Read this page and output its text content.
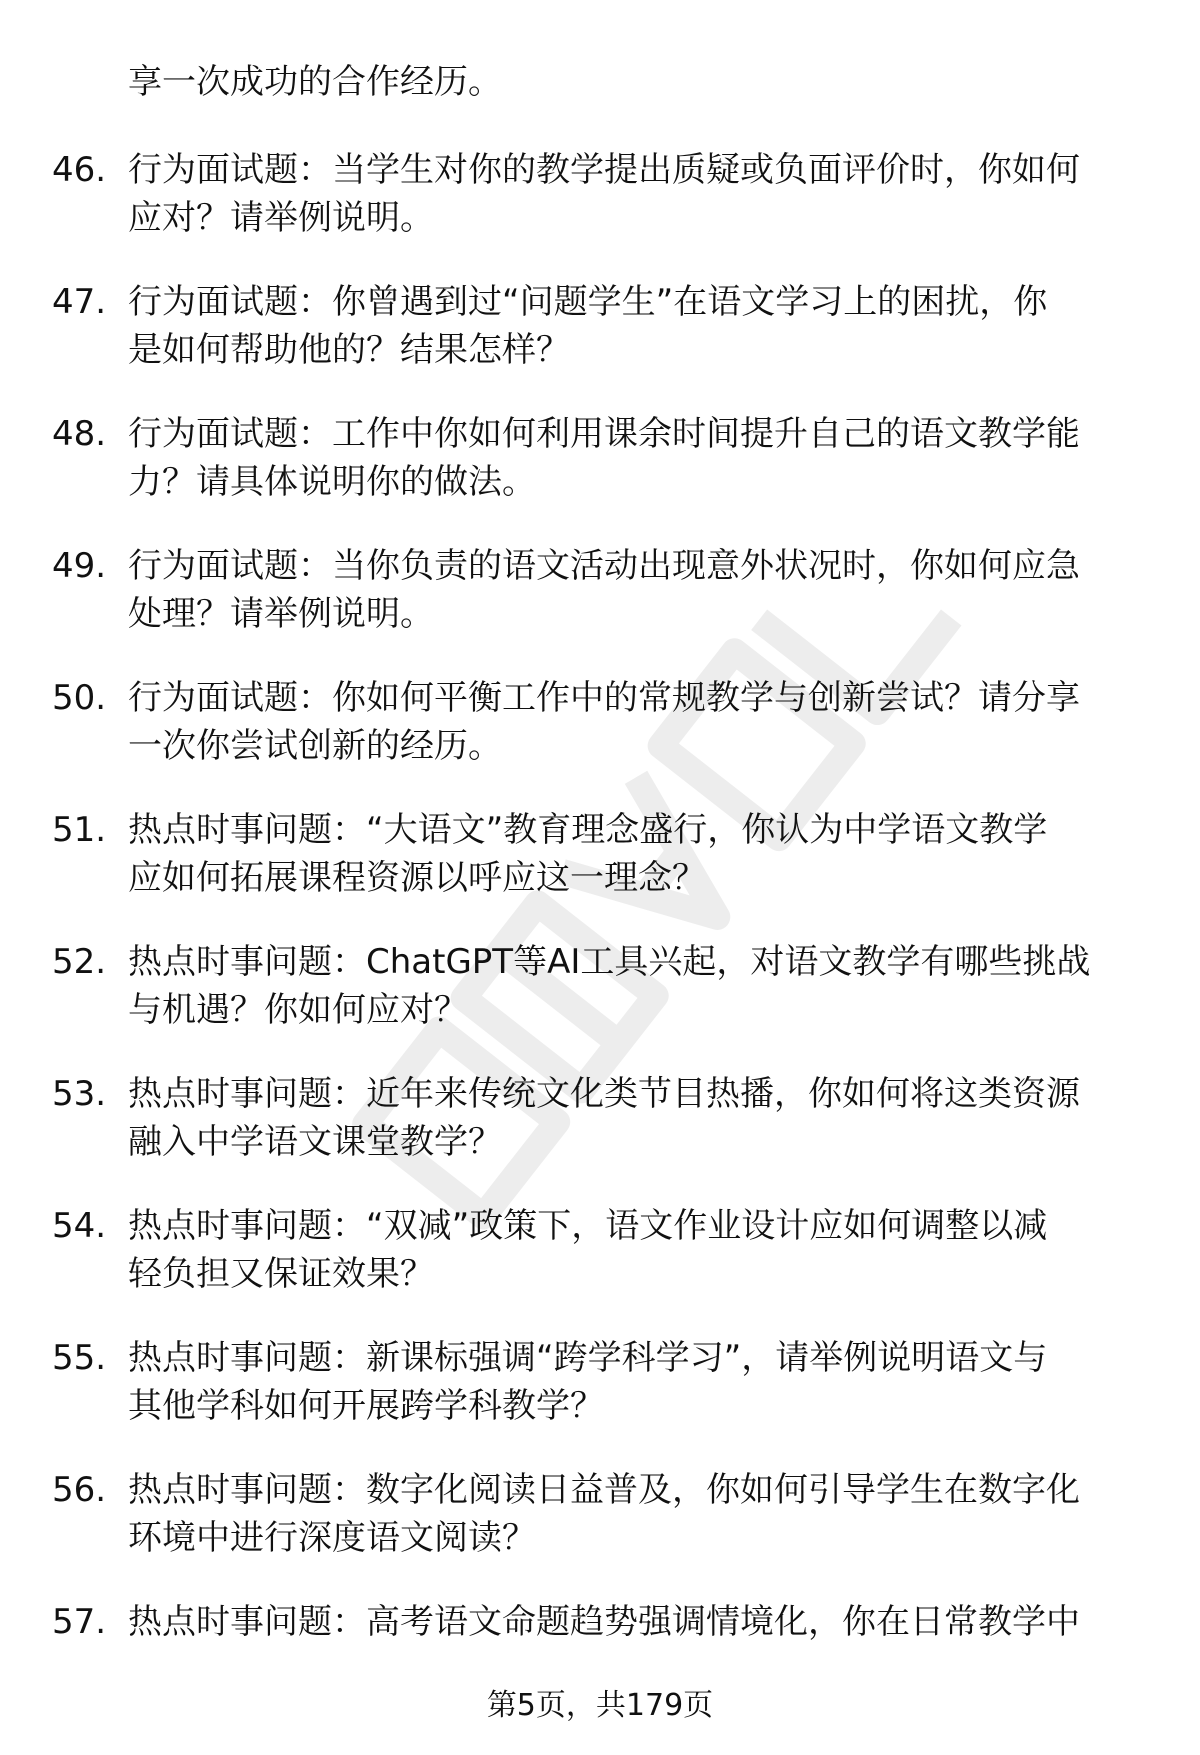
享一次成功的合作经历。

46. 行为面试题：当学生对你的教学提出质疑或负面评价时，你如何
应对？请举例说明。
47. 行为面试题：你曾遇到过“问题学生”在语文学习上的困扰，你
是如何帮助他的？结果怎样？
48. 行为面试题：工作中你如何利用课余时间提升自己的语文教学能
力？请具体说明你的做法。
49. 行为面试题：当你负责的语文活动出现意外状况时，你如何应急
处理？请举例说明。
50. 行为面试题：你如何平衡工作中的常规教学与创新尝试？请分享
一次你尝试创新的经历。
51. 热点时事问题：“大语文”教育理念盛行，你认为中学语文教学
应如何拓展课程资源以呼应这一理念？
52. 热点时事问题：ChatGPT等AI工具兴起，对语文教学有哪些挑战
与机遇？你如何应对？
53. 热点时事问题：近年来传统文化类节目热播，你如何将这类资源
融入中学语文课堂教学？
54. 热点时事问题：“双减”政策下，语文作业设计应如何调整以减
轻负担又保证效果？
55. 热点时事问题：新课标强调“跨学科学习”，请举例说明语文与
其他学科如何开展跨学科教学？
56. 热点时事问题：数字化阅读日益普及，你如何引导学生在数字化
环境中进行深度语文阅读？
57. 热点时事问题：高考语文命题趋势强调情境化，你在日常教学中
第5页，共179页
